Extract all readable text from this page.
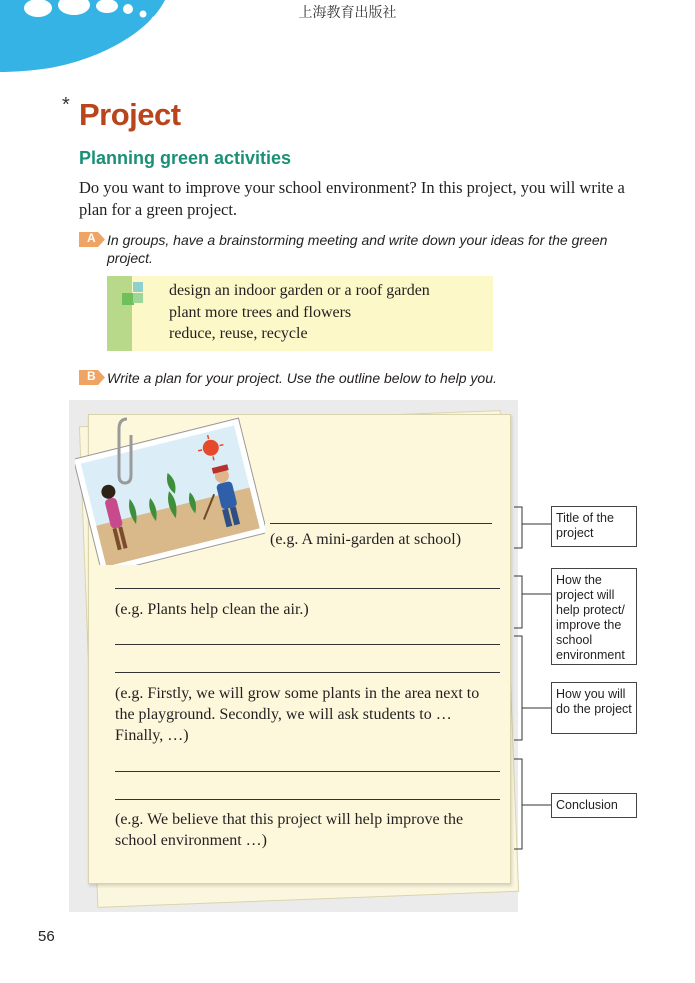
上海教育出版社
* Project
Planning green activities
Do you want to improve your school environment? In this project, you will write a plan for a green project.
A In groups, have a brainstorming meeting and write down your ideas for the green project.
design an indoor garden or a roof garden
plant more trees and flowers
reduce, reuse, recycle
B Write a plan for your project. Use the outline below to help you.
(e.g. A mini-garden at school)
(e.g. Plants help clean the air.)
(e.g. Firstly, we will grow some plants in the area next to the playground. Secondly, we will ask students to … Finally, …)
(e.g. We believe that this project will help improve the school environment …)
Title of the project
How the project will help protect/ improve the school environment
How you will do the project
Conclusion
56
